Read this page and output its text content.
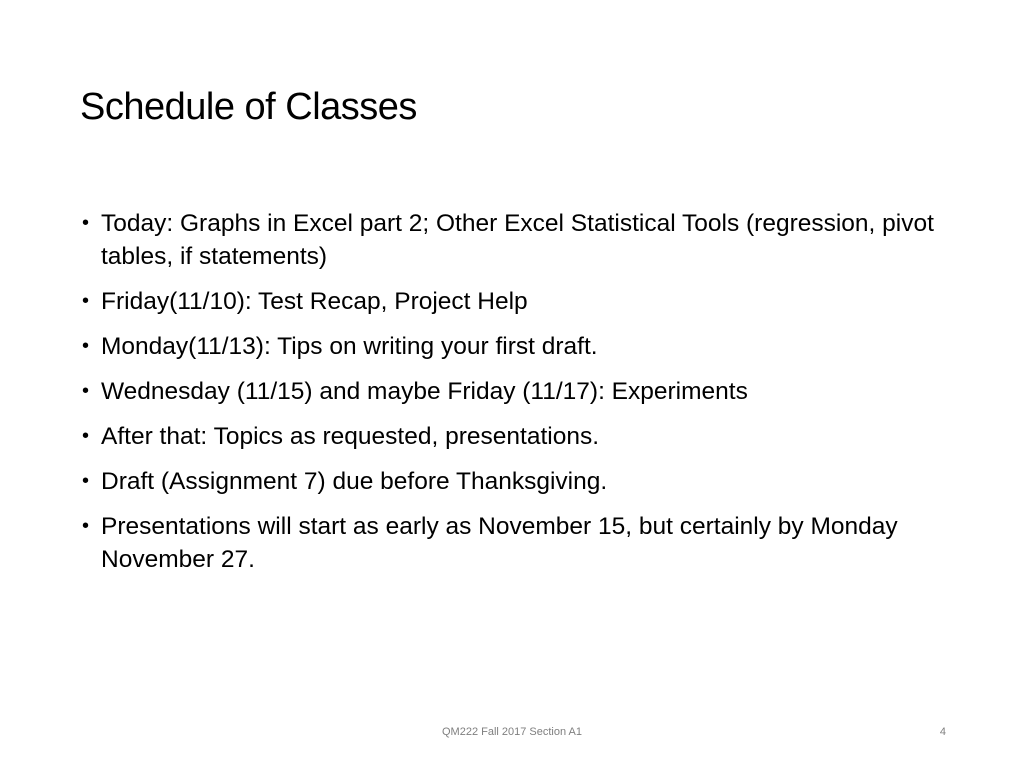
Schedule of Classes
• Today: Graphs in Excel part 2; Other Excel Statistical Tools (regression, pivot tables, if statements)
• Friday(11/10): Test Recap, Project Help
• Monday(11/13): Tips on writing your first draft.
• Wednesday (11/15) and maybe Friday (11/17): Experiments
• After that: Topics as requested, presentations.
• Draft (Assignment 7) due before Thanksgiving.
• Presentations will start as early as November 15, but certainly by Monday November 27.
QM222 Fall 2017 Section A1	4
